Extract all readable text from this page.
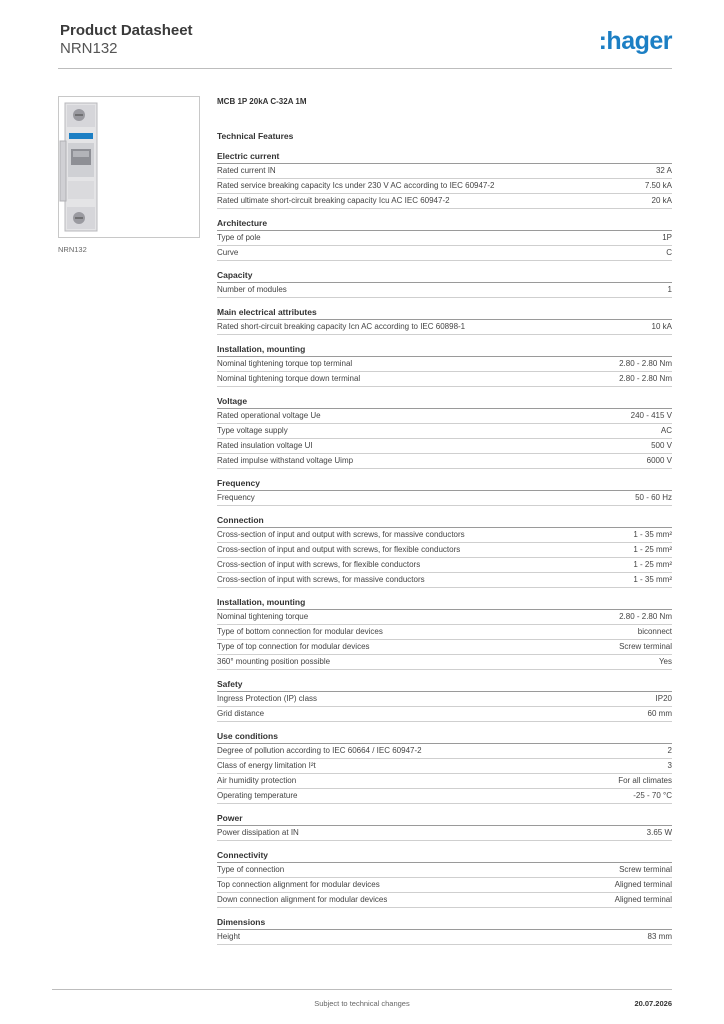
Product Datasheet
NRN132	:hager
NRN132
MCB 1P 20kA C-32A 1M
Technical Features
Electric current
Rated current IN	32 A
Rated service breaking capacity Ics under 230 V AC according to IEC 60947-2	7.50 kA
Rated ultimate short-circuit breaking capacity Icu AC IEC 60947-2	20 kA
Architecture
Type of pole	1P
Curve	C
Capacity
Number of modules	1
Main electrical attributes
Rated short-circuit breaking capacity Icn AC according to IEC 60898-1	10 kA
Installation, mounting
Nominal tightening torque top terminal	2.80 - 2.80 Nm
Nominal tightening torque down terminal	2.80 - 2.80 Nm
Voltage
Rated operational voltage Ue	240 - 415 V
Type voltage supply	AC
Rated insulation voltage UI	500 V
Rated impulse withstand voltage Uimp	6000 V
Frequency
Frequency	50 - 60 Hz
Connection
Cross-section of input and output with screws, for massive conductors	1 - 35 mm²
Cross-section of input and output with screws, for flexible conductors	1 - 25 mm²
Cross-section of input with screws, for flexible conductors	1 - 25 mm²
Cross-section of input with screws, for massive conductors	1 - 35 mm²
Installation, mounting
Nominal tightening torque	2.80 - 2.80 Nm
Type of bottom connection for modular devices	biconnect
Type of top connection for modular devices	Screw terminal
360° mounting position possible	Yes
Safety
Ingress Protection (IP) class	IP20
Grid distance	60 mm
Use conditions
Degree of pollution according to IEC 60664 / IEC 60947-2	2
Class of energy limitation I²t	3
Air humidity protection	For all climates
Operating temperature	-25 - 70 °C
Power
Power dissipation at IN	3.65 W
Connectivity
Type of connection	Screw terminal
Top connection alignment for modular devices	Aligned terminal
Down connection alignment for modular devices	Aligned terminal
Dimensions
Height	83 mm
Subject to technical changes	20.07.2026
